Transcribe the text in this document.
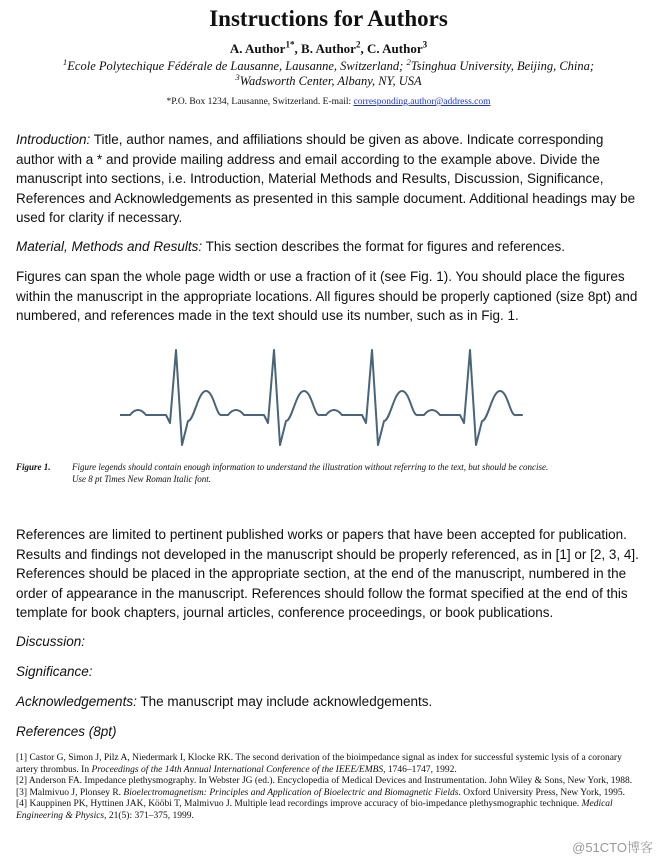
Instructions for Authors
A. Author$^{1*}$, B. Author$^2$, C. Author$^3$
$^1$Ecole Polytechique Fédérale de Lausanne, Lausanne, Switzerland; $^2$Tsinghua University, Beijing, China;
$^3$Wadsworth Center, Albany, NY, USA
*P.O. Box 1234, Lausanne, Switzerland. E-mail: corresponding.author@address.com
Introduction: Title, author names, and affiliations should be given as above. Indicate corresponding author with a * and provide mailing address and email according to the example above. Divide the manuscript into sections, i.e. Introduction, Material Methods and Results, Discussion, Significance, References and Acknowledgements as presented in this sample document. Additional headings may be used for clarity if necessary.
Material, Methods and Results: This section describes the format for figures and references.
Figures can span the whole page width or use a fraction of it (see Fig. 1). You should place the figures within the manuscript in the appropriate locations. All figures should be properly captioned (size 8pt) and numbered, and references made in the text should use its number, such as in Fig. 1.
Figure 1. Figure legends should contain enough information to understand the illustration without referring to the text, but should be concise.
Use 8 pt Times New Roman Italic font.
References are limited to pertinent published works or papers that have been accepted for publication. Results and findings not developed in the manuscript should be properly referenced, as in [1] or [2, 3, 4]. References should be placed in the appropriate section, at the end of the manuscript, numbered in the order of appearance in the manuscript. References should follow the format specified at the end of this template for book chapters, journal articles, conference proceedings, or book publications.
Discussion:
Significance:
Acknowledgements: The manuscript may include acknowledgements.
References (8pt)

[1] Castor G, Simon J, Pilz A, Niedermark I, Klocke RK. The second derivation of the bioimpedance signal as index for successful systemic lysis of a coronary artery thrombus. In Proceedings of the 14th Annual International Conference of the IEEE/EMBS, 1746–1747, 1992.

[2] Anderson FA. Impedance plethysmography. In Webster JG (ed.). Encyclopedia of Medical Devices and Instrumentation. John Wiley & Sons, New York, 1988.

[3] Malmivuo J, Plonsey R. Bioelectromagnetism: Principles and Application of Bioelectric and Biomagnetic Fields. Oxford University Press, New York, 1995.

[4] Kauppinen PK, Hyttinen JAK, Kööbi T, Malmivuo J. Multiple lead recordings improve accuracy of bio-impedance plethysmographic technique. Medical Engineering & Physics, 21(5): 371–375, 1999.

@51CTO博客
